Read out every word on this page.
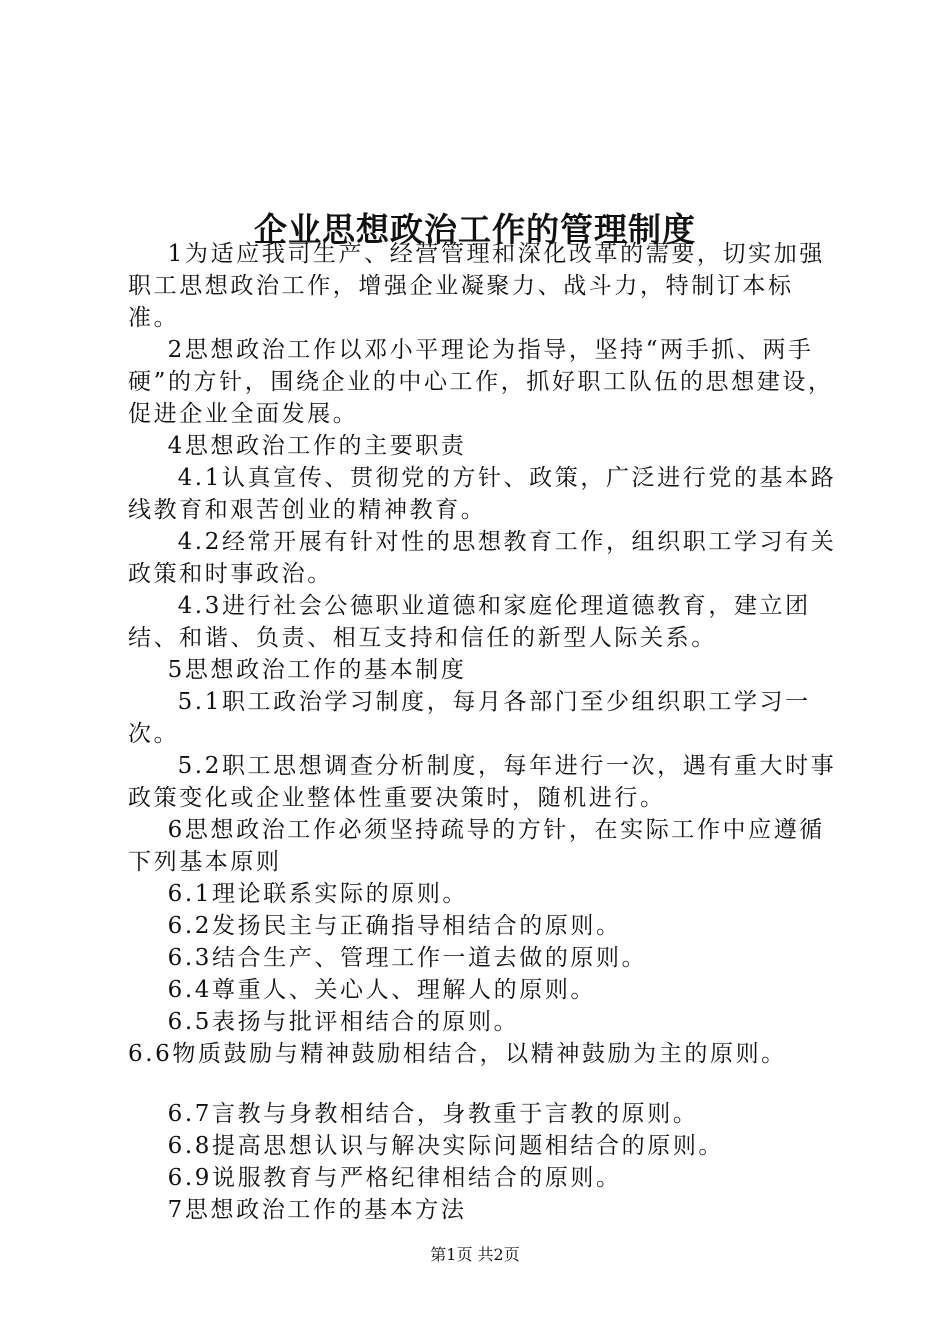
企业思想政治工作的管理制度

1为适应我司生产、经营管理和深化改革的需要，切实加强职工思想政治工作，增强企业凝聚力、战斗力，特制订本标准。

2思想政治工作以邓小平理论为指导，坚持“两手抓、两手硬”的方针，围绕企业的中心工作，抓好职工队伍的思想建设，促进企业全面发展。

4思想政治工作的主要职责

4.1认真宣传、贯彻党的方针、政策，广泛进行党的基本路线教育和艰苦创业的精神教育。

4.2经常开展有针对性的思想教育工作，组织职工学习有关政策和时事政治。

4.3进行社会公德职业道德和家庭伦理道德教育，建立团结、和谐、负责、相互支持和信任的新型人际关系。

5思想政治工作的基本制度

5.1职工政治学习制度，每月各部门至少组织职工学习一次。

5.2职工思想调查分析制度，每年进行一次，遇有重大时事政策变化或企业整体性重要决策时，随机进行。

6思想政治工作必须坚持疏导的方针，在实际工作中应遵循下列基本原则

6.1理论联系实际的原则。

6.2发扬民主与正确指导相结合的原则。

6.3结合生产、管理工作一道去做的原则。

6.4尊重人、关心人、理解人的原则。

6.5表扬与批评相结合的原则。

6.6物质鼓励与精神鼓励相结合，以精神鼓励为主的原则。

6.7言教与身教相结合，身教重于言教的原则。

6.8提高思想认识与解决实际问题相结合的原则。

6.9说服教育与严格纪律相结合的原则。

7思想政治工作的基本方法

第1页 共2页
